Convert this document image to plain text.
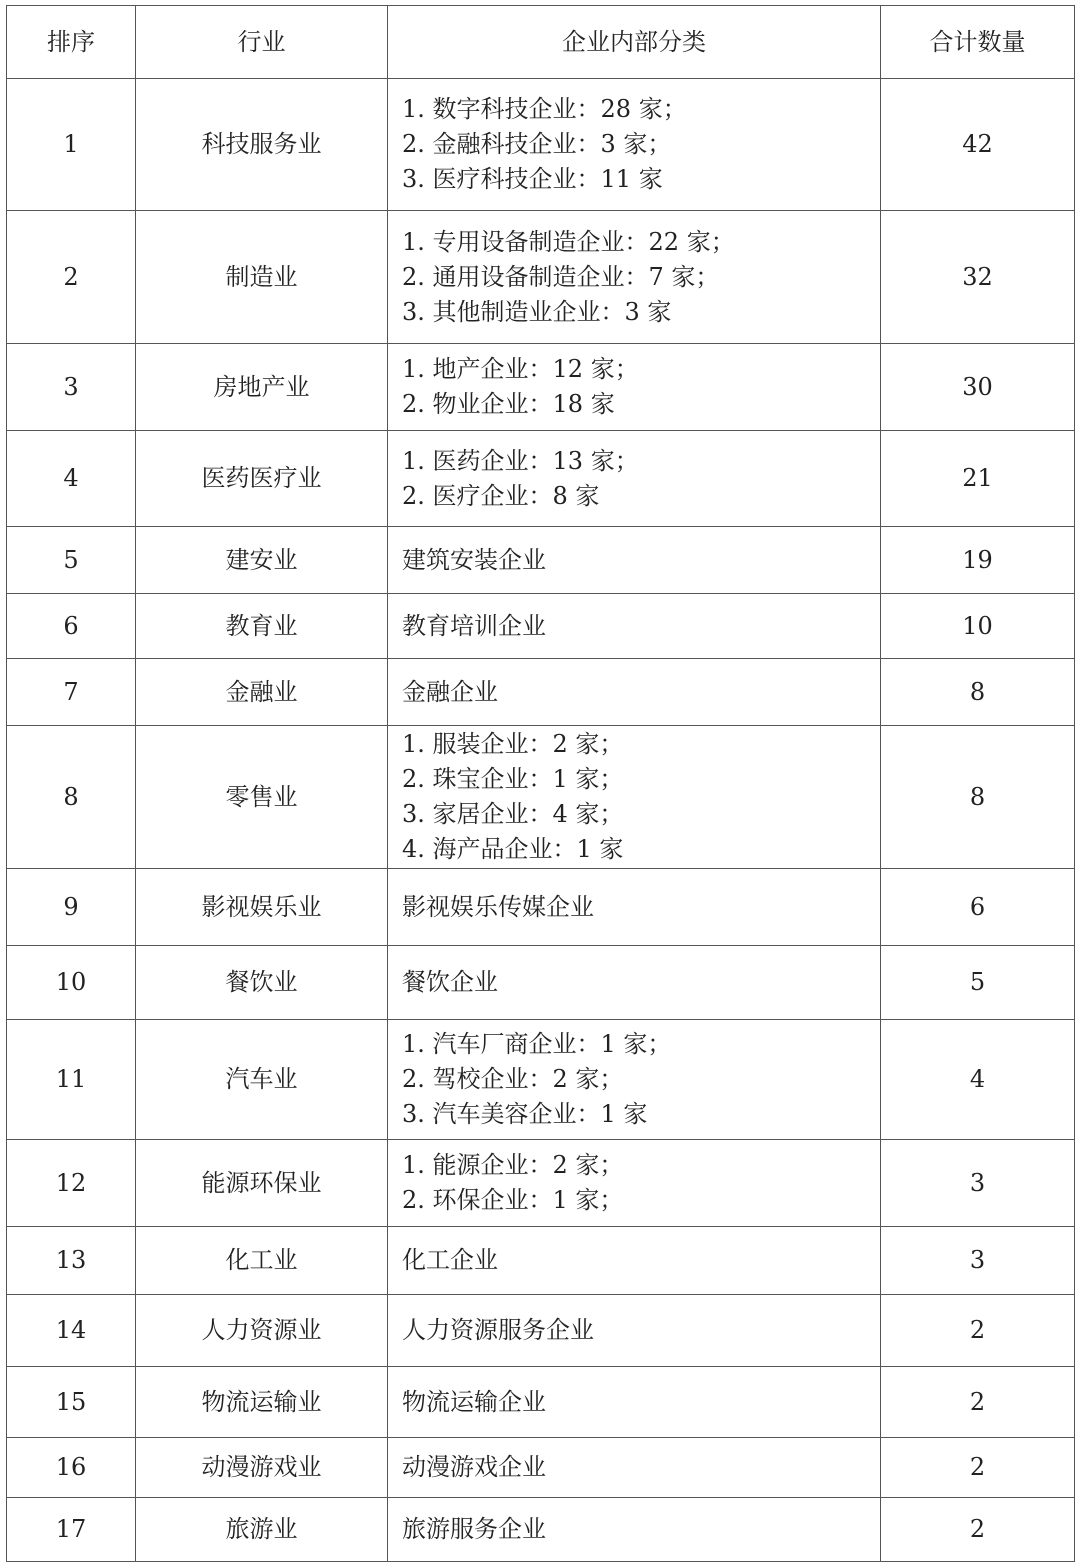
排序	行业	企业内部分类	合计数量
1	科技服务业	1. 数字科技企业：28 家；
2. 金融科技企业：3 家；
3. 医疗科技企业：11 家	42
2	制造业	1. 专用设备制造企业：22 家；
2. 通用设备制造企业：7 家；
3. 其他制造业企业：3 家	32
3	房地产业	1. 地产企业：12 家；
2. 物业企业：18 家	30
4	医药医疗业	1. 医药企业：13 家；
2. 医疗企业：8 家	21
5	建安业	建筑安装企业	19
6	教育业	教育培训企业	10
7	金融业	金融企业	8
8	零售业	1. 服装企业：2 家；
2. 珠宝企业：1 家；
3. 家居企业：4 家；
4. 海产品企业：1 家	8
9	影视娱乐业	影视娱乐传媒企业	6
10	餐饮业	餐饮企业	5
11	汽车业	1. 汽车厂商企业：1 家；
2. 驾校企业：2 家；
3. 汽车美容企业：1 家	4
12	能源环保业	1. 能源企业：2 家；
2. 环保企业：1 家；	3
13	化工业	化工企业	3
14	人力资源业	人力资源服务企业	2
15	物流运输业	物流运输企业	2
16	动漫游戏业	动漫游戏企业	2
17	旅游业	旅游服务企业	2
